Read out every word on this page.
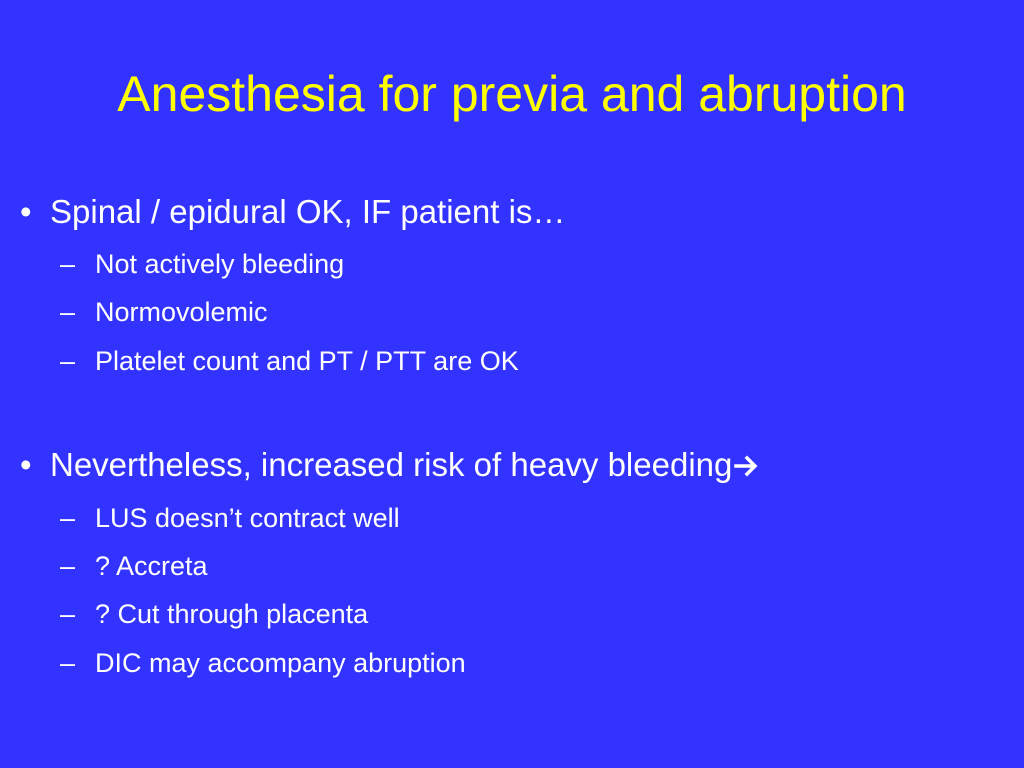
Anesthesia for previa and abruption
• Spinal / epidural OK, IF patient is…
– Not actively bleeding
– Normovolemic
– Platelet count and PT / PTT are OK
• Nevertheless, increased risk of heavy bleeding
– LUS doesn’t contract well
– ? Accreta
– ? Cut through placenta
– DIC may accompany abruption
